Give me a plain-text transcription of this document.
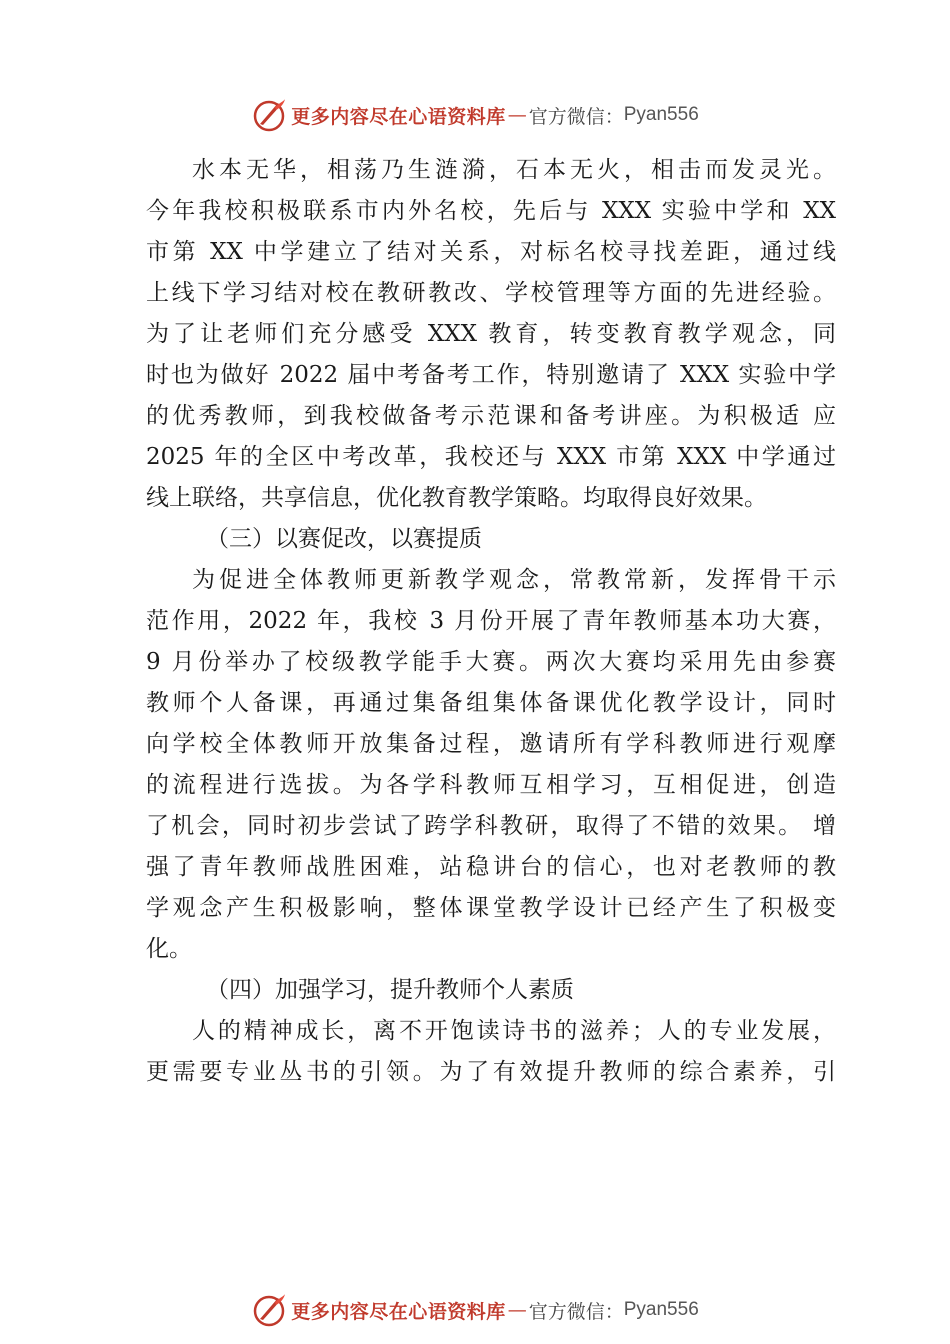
更多内容尽在心语资料库 — 官方微信： Pyan556
水本无华，相荡乃生涟漪，石本无火，相击而发灵光。
今年我校积极联系市内外名校，先后与 XXX 实验中学和 XX
市第 XX 中学建立了结对关系，对标名校寻找差距，通过线
上线下学习结对校在教研教改、学校管理等方面的先进经验。
为了让老师们充分感受 XXX 教育，转变教育教学观念，同
时也为做好 2022 届中考备考工作，特别邀请了 XXX 实验中学
的优秀教师，到我校做备考示范课和备考讲座。为积极适 应
2025 年的全区中考改革，我校还与 XXX 市第 XXX 中学通过
线上联络，共享信息，优化教育教学策略。均取得良好效果。
（三）以赛促改，以赛提质
为促进全体教师更新教学观念，常教常新，发挥骨干示
范作用，2022 年，我校 3 月份开展了青年教师基本功大赛，
9 月份举办了校级教学能手大赛。两次大赛均采用先由参赛
教师个人备课，再通过集备组集体备课优化教学设计，同时
向学校全体教师开放集备过程，邀请所有学科教师进行观摩
的流程进行选拔。为各学科教师互相学习，互相促进，创造
了机会，同时初步尝试了跨学科教研，取得了不错的效果。 增
强了青年教师战胜困难，站稳讲台的信心，也对老教师的教
学观念产生积极影响，整体课堂教学设计已经产生了积极变
化。
（四）加强学习，提升教师个人素质
人的精神成长，离不开饱读诗书的滋养；人的专业发展，
更需要专业丛书的引领。为了有效提升教师的综合素养，引
更多内容尽在心语资料库 — 官方微信： Pyan556
